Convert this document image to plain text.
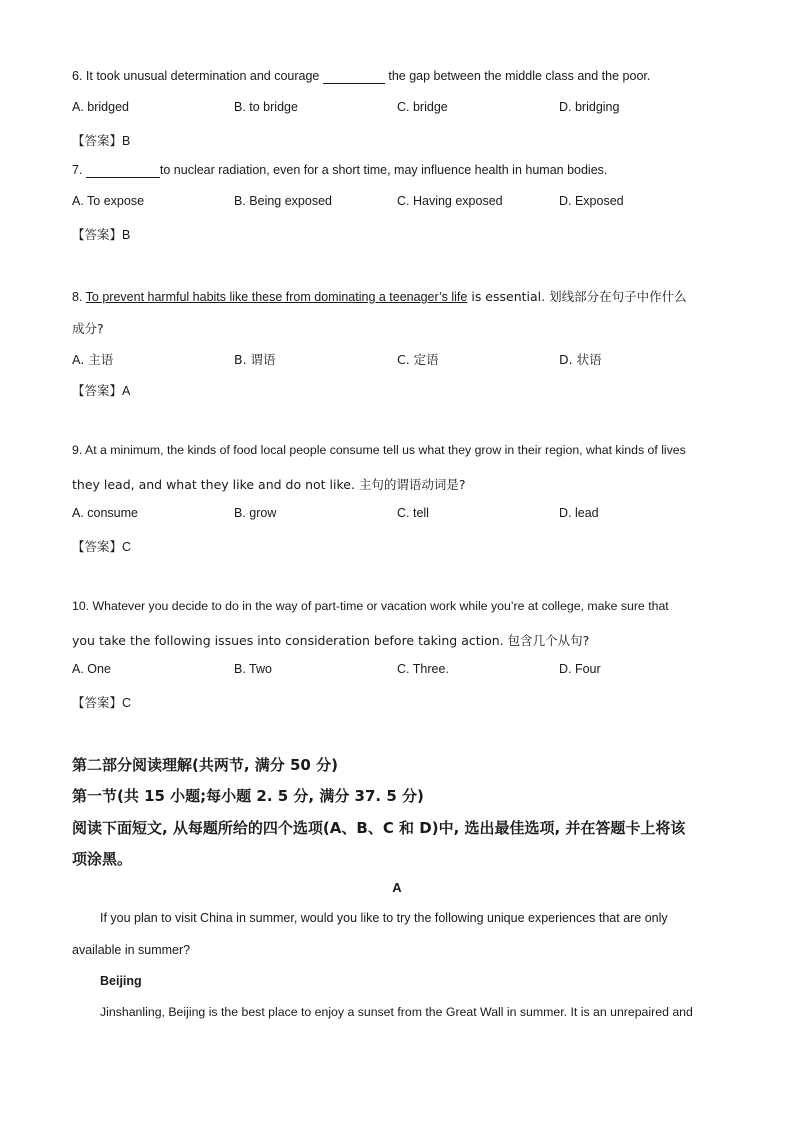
6. It took unusual determination and courage	the gap between the middle class and the poor.
A. bridged	B. to bridge	C. bridge	D. bridging
【答案】B
7.	to nuclear radiation, even for a short time, may influence health in human bodies.
A. To expose	B. Being exposed	C. Having exposed	D. Exposed
【答案】B
8. To prevent harmful habits like these from dominating a teenager’s life is essential. 划线部分在句子中作什么
成分?
A. 主语	B. 谓语	C. 定语	D. 状语
【答案】A
9. At a minimum, the kinds of food local people consume tell us what they grow in their region, what kinds of lives
they lead, and what they like and do not like. 主句的谓语动词是?
A. consume	B. grow	C. tell	D. lead
【答案】C
10. Whatever you decide to do in the way of part-time or vacation work while you’re at college, make sure that
you take the following issues into consideration before taking action. 包含几个从句?
A. One	B. Two	C. Three.	D. Four
【答案】C
第二部分阅读理解(共两节, 满分 50 分)
第一节(共 15 小题;每小题 2. 5 分, 满分 37. 5 分)
阅读下面短文, 从每题所给的四个选项(A、B、C 和 D)中, 选出最佳选项, 并在答题卡上将该
项涂黑。
A
If you plan to visit China in summer, would you like to try the following unique experiences that are only
available in summer?
Beijing
Jinshanling, Beijing is the best place to enjoy a sunset from the Great Wall in summer. It is an unrepaired and
